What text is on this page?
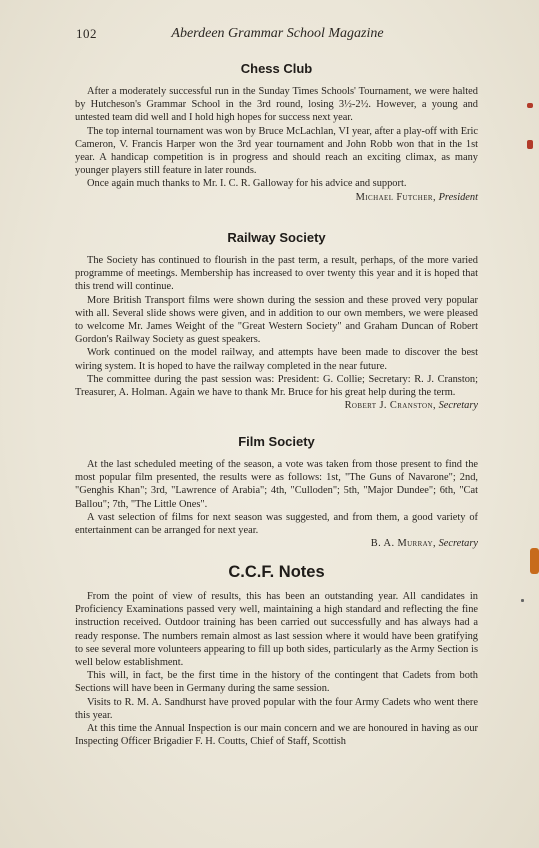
102	Aberdeen Grammar School Magazine
Chess Club

After a moderately successful run in the Sunday Times Schools' Tournament, we were halted by Hutcheson's Grammar School in the 3rd round, losing 3½-2½. However, a young and untested team did well and I hold high hopes for success next year.

The top internal tournament was won by Bruce McLachlan, VI year, after a play-off with Eric Cameron, V. Francis Harper won the 3rd year tournament and John Robb won that in the 1st year. A handicap competition is in progress and should reach an exciting climax, as many younger players still feature in later rounds.

Once again much thanks to Mr. I. C. R. Galloway for his advice and support.

Michael Futcher, President
Railway Society

The Society has continued to flourish in the past term, a result, perhaps, of the more varied programme of meetings. Membership has increased to over twenty this year and it is hoped that this trend will continue.

More British Transport films were shown during the session and these proved very popular with all. Several slide shows were given, and in addition to our own members, we were pleased to welcome Mr. James Weight of the "Great Western Society" and Graham Duncan of Robert Gordon's Railway Society as guest speakers.

Work continued on the model railway, and attempts have been made to discover the best wiring system. It is hoped to have the railway completed in the near future.

The committee during the past session was: President: G. Collie; Secretary: R. J. Cranston; Treasurer, A. Holman. Again we have to thank Mr. Bruce for his great help during the term.

Robert J. Cranston, Secretary
Film Society

At the last scheduled meeting of the season, a vote was taken from those present to find the most popular film presented, the results were as follows: 1st, "The Guns of Navarone"; 2nd, "Genghis Khan"; 3rd, "Lawrence of Arabia"; 4th, "Culloden"; 5th, "Major Dundee"; 6th, "Cat Ballou"; 7th, "The Little Ones".

A vast selection of films for next season was suggested, and from them, a good variety of entertainment can be arranged for next year.

B. A. Murray, Secretary
C.C.F. Notes

From the point of view of results, this has been an outstanding year. All candidates in Proficiency Examinations passed very well, maintaining a high standard and reflecting the fine instruction received. Outdoor training has been carried out successfully and has always had a ready response. The numbers remain almost as last session where it would have been gratifying to see several more volunteers appearing to fill up both sides, particularly as the Army Section is well below establishment.

This will, in fact, be the first time in the history of the contingent that Cadets from both Sections will have been in Germany during the same session.

Visits to R. M. A. Sandhurst have proved popular with the four Army Cadets who went there this year.

At this time the Annual Inspection is our main concern and we are honoured in having as our Inspecting Officer Brigadier F. H. Coutts, Chief of Staff, Scottish
